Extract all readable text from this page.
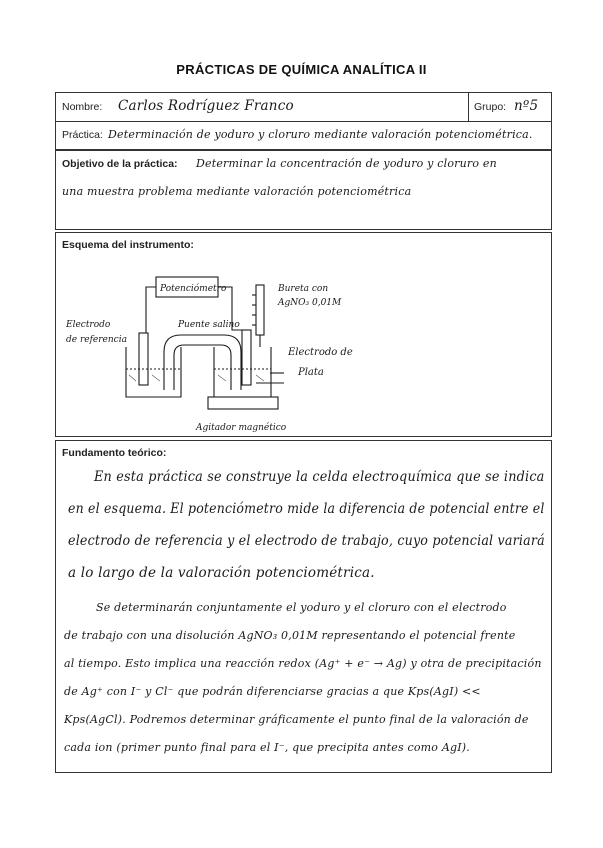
PRÁCTICAS DE QUÍMICA ANALÍTICA II
Nombre: Carlos Rodríguez Franco	Grupo: nº5
Práctica: Determinación de yoduro y cloruro mediante valoración potenciométrica.
Objetivo de la práctica: Determinar la concentración de yoduro y cloruro en
una muestra problema mediante valoración potenciométrica
Esquema del instrumento:
Potenciómetro	Bureta con
AgNO₃ 0,01M
Electrodo
de referencia
Puente salino
Electrodo de
Plata
Agitador magnético
Fundamento teórico:
En esta práctica se construye la celda electroquímica que se indica
en el esquema. El potenciómetro mide la diferencia de potencial entre el
electrodo de referencia y el electrodo de trabajo, cuyo potencial variará
a lo largo de la valoración potenciométrica.
Se determinarán conjuntamente el yoduro y el cloruro con el electrodo
de trabajo con una disolución AgNO₃ 0,01M representando el potencial frente
al tiempo. Esto implica una reacción redox (Ag⁺ + e⁻ → Ag) y otra de precipitación
de Ag⁺ con I⁻ y Cl⁻ que podrán diferenciarse gracias a que Kps(AgI) <<
Kps(AgCl). Podremos determinar gráficamente el punto final de la valoración de
cada ion (primer punto final para el I⁻, que precipita antes como AgI).
